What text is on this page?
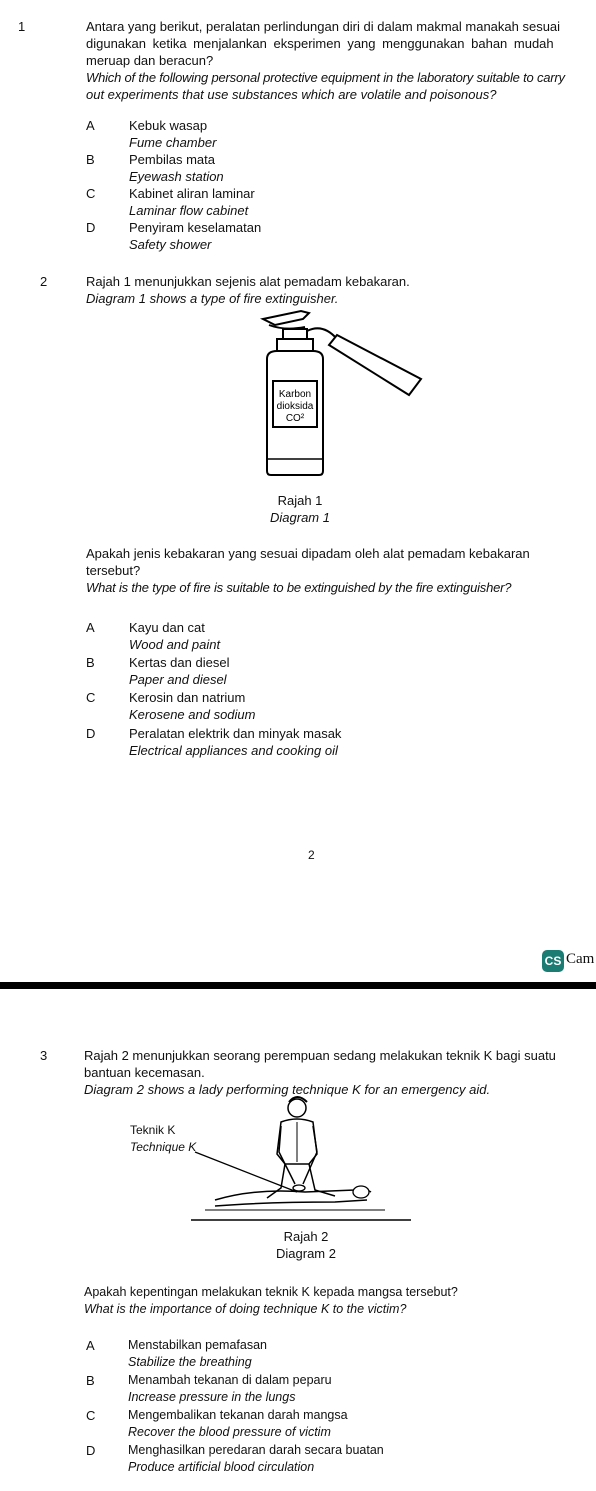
1	Antara yang berikut, peralatan perlindungan diri di dalam makmal manakah sesuai
digunakan ketika menjalankan eksperimen yang menggunakan bahan mudah
meruap dan beracun?
Which of the following personal protective equipment in the laboratory suitable to carry
out experiments that use substances which are volatile and poisonous?
A	Kebuk wasap
Fume chamber
B	Pembilas mata
Eyewash station
C	Kabinet aliran laminar
Laminar flow cabinet
D	Penyiram keselamatan
Safety shower
2	Rajah 1 menunjukkan sejenis alat pemadam kebakaran.
Diagram 1 shows a type of fire extinguisher.
Karbon
dioksida
CO²
Rajah 1
Diagram 1
Apakah jenis kebakaran yang sesuai dipadam oleh alat pemadam kebakaran
tersebut?
What is the type of fire is suitable to be extinguished by the fire extinguisher?
A	Kayu dan cat
Wood and paint
B	Kertas dan diesel
Paper and diesel
C	Kerosin dan natrium
Kerosene and sodium
D	Peralatan elektrik dan minyak masak
Electrical appliances and cooking oil
2
CS Cam
3	Rajah 2 menunjukkan seorang perempuan sedang melakukan teknik K bagi suatu
bantuan kecemasan.
Diagram 2 shows a lady performing technique K for an emergency aid.
Teknik K
Technique K
Rajah 2
Diagram 2
Apakah kepentingan melakukan teknik K kepada mangsa tersebut?
What is the importance of doing technique K to the victim?
A	Menstabilkan pemafasan
Stabilize the breathing
B	Menambah tekanan di dalam peparu
Increase pressure in the lungs
C	Mengembalikan tekanan darah mangsa
Recover the blood pressure of victim
D	Menghasilkan peredaran darah secara buatan
Produce artificial blood circulation
